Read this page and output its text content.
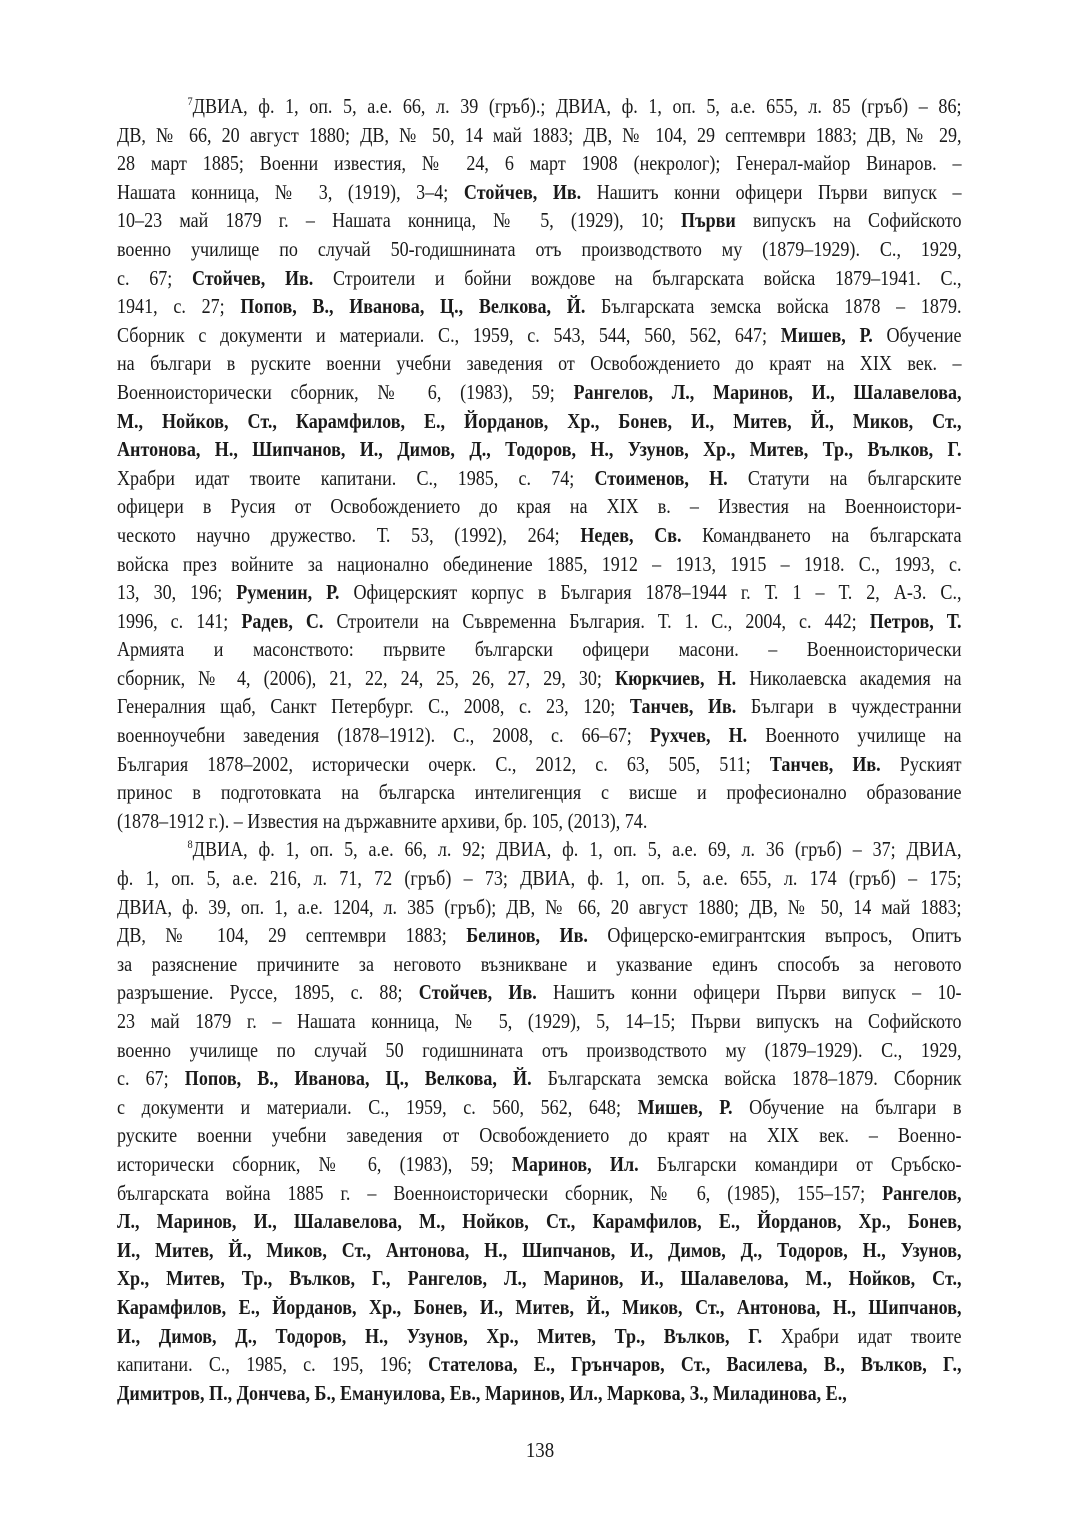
$^7$ДВИА, ф. 1, оп. 5, а.е. 66, л. 39 (гръб).; ДВИА, ф. 1, оп. 5, а.е. 655, л. 85 (гръб) – 86;
ДВ, № 66, 20 август 1880; ДВ, № 50, 14 май 1883; ДВ, № 104, 29 септември 1883; ДВ, № 29,
28 март 1885; Военни известия, № 24, 6 март 1908 (некролог); Генерал-майор Винаров. –
Нашата конница, № 3, (1919), 3–4; Стойчев, Ив. Нашитъ конни офицери Първи випуск –
10–23 май 1879 г. – Нашата конница, № 5, (1929), 10; Първи випускъ на Софийското
военно училище по случай 50-годишнината отъ производството му (1879–1929). С., 1929,
с. 67; Стойчев, Ив. Строители и бойни вождове на българската войска 1879–1941. С.,
1941, с. 27; Попов, В., Иванова, Ц., Велкова, Й. Българската земска войска 1878 – 1879.
Сборник с документи и материали. С., 1959, с. 543, 544, 560, 562, 647; Мишев, Р. Обучение
на българи в руските военни учебни заведения от Освобождението до краят на XIX век. –
Военноисторически сборник, № 6, (1983), 59; Рангелов, Л., Маринов, И., Шалавелова,
М., Нойков, Ст., Карамфилов, Е., Йорданов, Хр., Бонев, И., Митев, Й., Миков, Ст.,
Антонова, Н., Шипчанов, И., Димов, Д., Тодоров, Н., Узунов, Хр., Митев, Тр., Вълков, Г.
Храбри идат твоите капитани. С., 1985, с. 74; Стоименов, Н. Статути на българските
офицери в Русия от Освобождението до края на XIX в. – Известия на Военноистори-
ческото научно дружество. Т. 53, (1992), 264; Недев, Св. Командването на българската
войска през войните за национално обединение 1885, 1912 – 1913, 1915 – 1918. С., 1993, с.
13, 30, 196; Руменин, Р. Офицерският корпус в България 1878–1944 г. Т. 1 – Т. 2, А-З. С.,
1996, с. 141; Радев, С. Строители на Съвременна България. Т. 1. С., 2004, с. 442; Петров, Т.
Армията и масонството: първите български офицери масони. – Военноисторически
сборник, № 4, (2006), 21, 22, 24, 25, 26, 27, 29, 30; Кюркчиев, Н. Николаевска академия на
Генералния щаб, Санкт Петербург. С., 2008, с. 23, 120; Танчев, Ив. Българи в чуждестранни
военноучебни заведения (1878–1912). С., 2008, с. 66–67; Рухчев, Н. Военното училище на
България 1878–2002, исторически очерк. С., 2012, с. 63, 505, 511; Танчев, Ив. Руският
принос в подготовката на българска интелигенция с висше и професионално образование
(1878–1912 г.). – Известия на държавните архиви, бр. 105, (2013), 74.
$^8$ДВИА, ф. 1, оп. 5, а.е. 66, л. 92; ДВИА, ф. 1, оп. 5, а.е. 69, л. 36 (гръб) – 37; ДВИА,
ф. 1, оп. 5, а.е. 216, л. 71, 72 (гръб) – 73; ДВИА, ф. 1, оп. 5, а.е. 655, л. 174 (гръб) – 175;
ДВИА, ф. 39, оп. 1, а.е. 1204, л. 385 (гръб); ДВ, № 66, 20 август 1880; ДВ, № 50, 14 май 1883;
ДВ, № 104, 29 септември 1883; Белинов, Ив. Офицерско-емигрантския въпросъ, Опитъ
за разяснение причините за неговото възникване и указвание единъ способъ за неговото
разръшение. Руссе, 1895, с. 88; Стойчев, Ив. Нашитъ конни офицери Първи випуск – 10-
23 май 1879 г. – Нашата конница, № 5, (1929), 5, 14–15; Първи випускъ на Софийското
военно училище по случай 50 годишнината отъ производството му (1879–1929). С., 1929,
с. 67; Попов, В., Иванова, Ц., Велкова, Й. Българската земска войска 1878–1879. Сборник
с документи и материали. С., 1959, с. 560, 562, 648; Мишев, Р. Обучение на българи в
руските военни учебни заведения от Освобождението до краят на XIX век. – Военно-
исторически сборник, № 6, (1983), 59; Маринов, Ил. Български командири от Сръбско-
българската война 1885 г. – Военноисторически сборник, № 6, (1985), 155–157; Рангелов,
Л., Маринов, И., Шалавелова, М., Нойков, Ст., Карамфилов, Е., Йорданов, Хр., Бонев,
И., Митев, Й., Миков, Ст., Антонова, Н., Шипчанов, И., Димов, Д., Тодоров, Н., Узунов,
Хр., Митев, Тр., Вълков, Г., Рангелов, Л., Маринов, И., Шалавелова, М., Нойков, Ст.,
Карамфилов, Е., Йорданов, Хр., Бонев, И., Митев, Й., Миков, Ст., Антонова, Н., Шипчанов,
И., Димов, Д., Тодоров, Н., Узунов, Хр., Митев, Тр., Вълков, Г. Храбри идат твоите
капитани. С., 1985, с. 195, 196; Стателова, Е., Грънчаров, Ст., Василева, В., Вълков, Г.,
Димитров, П., Дончева, Б., Емануилова, Ев., Маринов, Ил., Маркова, З., Миладинова, Е.,
138
